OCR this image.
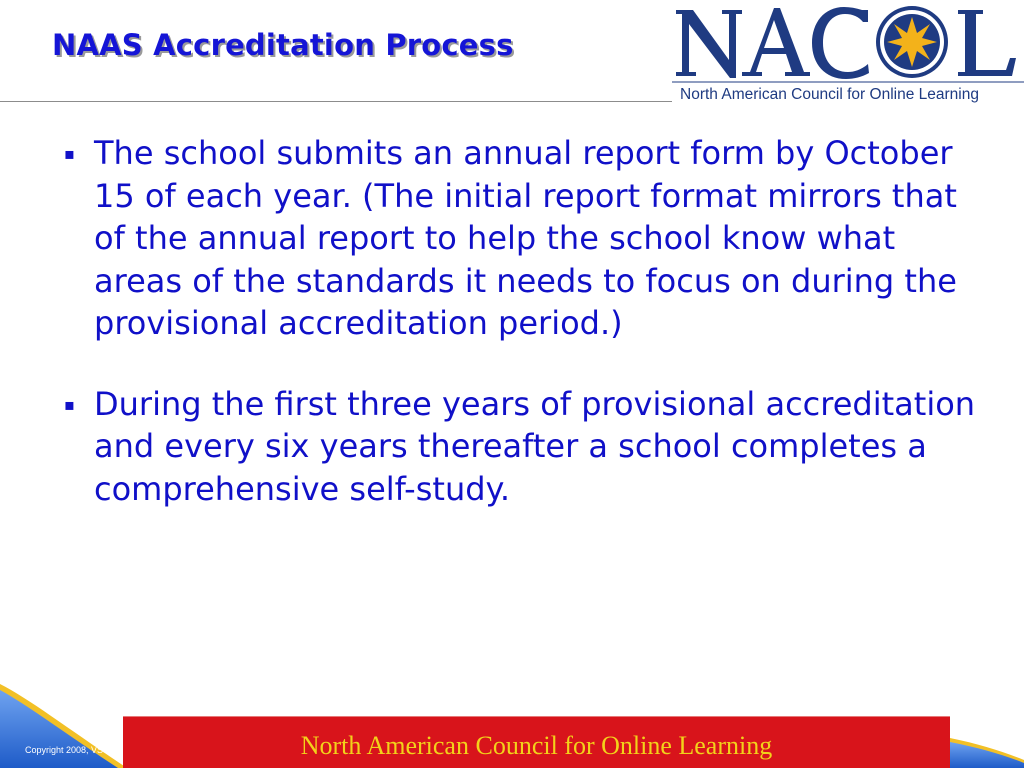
NAAS Accreditation Process

North American Council for Online Learning

▪ The school submits an annual report form by October 15 of each year. (The initial report format mirrors that of the annual report to help the school know what areas of the standards it needs to focus on during the provisional accreditation period.)
▪ During the first three years of provisional accreditation and every six years thereafter a school completes a comprehensive self-study.
North American Council for Online Learning
Copyright 2008, VSS
